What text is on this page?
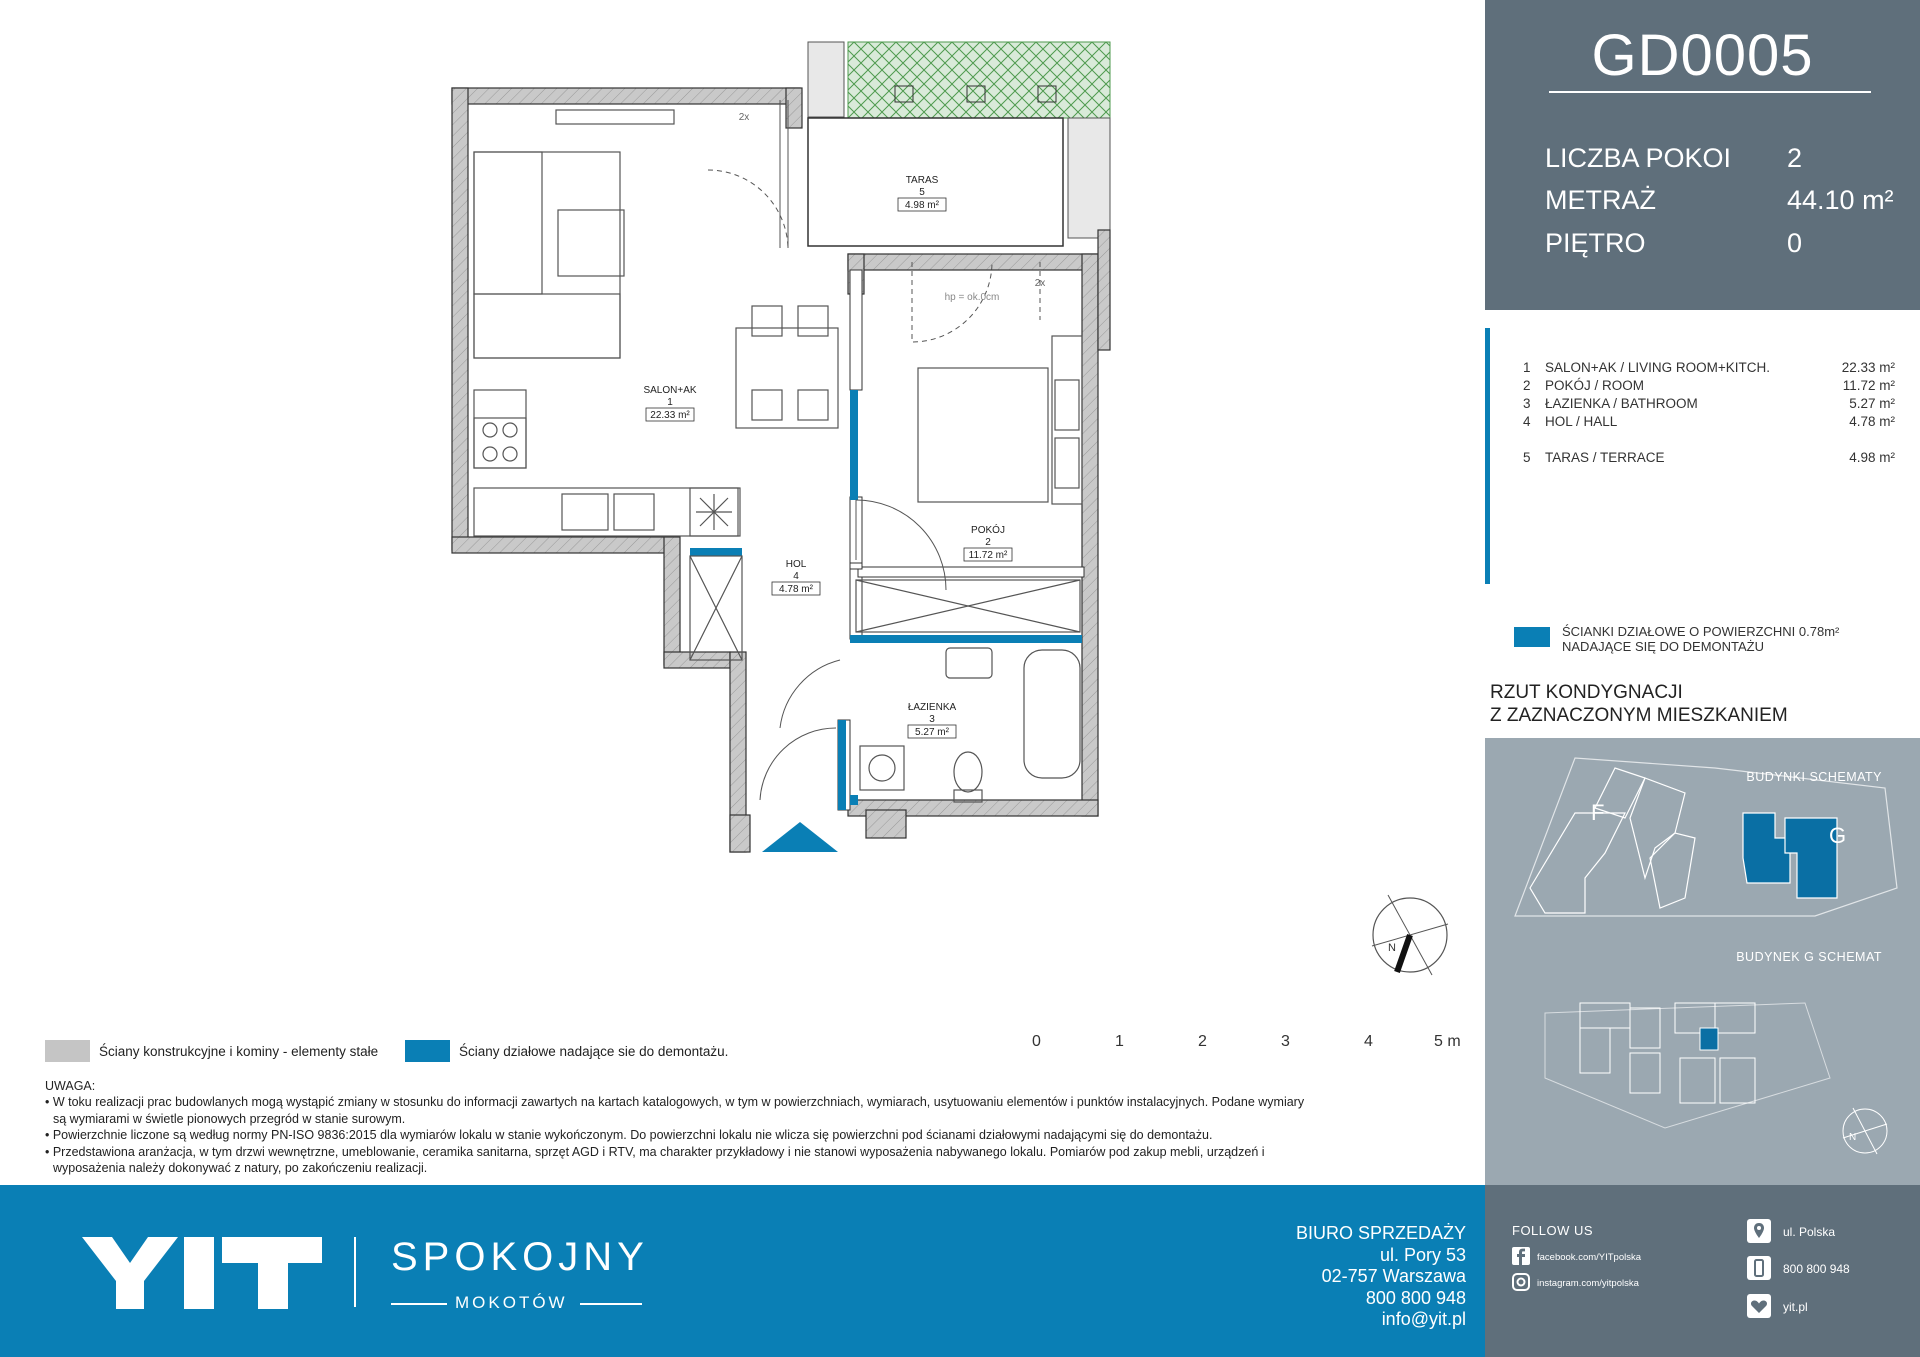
SALON+AK
1
22.33 m²
POKÓJ
2
11.72 m²
ŁAZIENKA
3
5.27 m²
HOL
4
4.78 m²
TARAS
5
4.98 m²
2x
2x
hp = ok.0cm
N
0	1	2	3	4	5 m
Ściany konstrukcyjne i kominy - elementy stałe	Ściany działowe nadające sie do demontażu.

UWAGA:

• W toku realizacji prac budowlanych mogą wystąpić zmiany w stosunku do informacji zawartych na kartach katalogowych, w tym w powierzchniach, wymiarach, usytuowaniu elementów i punktów instalacyjnych. Podane wymiary

są wymiarami w świetle pionowych przegród w stanie surowym.

• Powierzchnie liczone są według normy PN-ISO 9836:2015 dla wymiarów lokalu w stanie wykończonym. Do powierzchni lokalu nie wlicza się powierzchni pod ścianami działowymi nadającymi się do demontażu.

• Przedstawiona aranżacja, w tym drzwi wewnętrzne, umeblowanie, ceramika sanitarna, sprzęt AGD i RTV, ma charakter przykładowy i nie stanowi wyposażenia nabywanego lokalu. Pomiarów pod zakup mebli, urządzeń i

wyposażenia należy dokonywać z natury, po zakończeniu realizacji.

GD0005
LICZBA POKOI 2
METRAŻ	44.10 m²
PIĘTRO	0
1 SALON+AK / LIVING ROOM+KITCH.	22.33 m²
2 POKÓJ / ROOM	11.72 m²
3 ŁAZIENKA / BATHROOM	5.27 m²
4 HOL / HALL	4.78 m²
5 TARAS / TERRACE	4.98 m²
ŚCIANKI DZIAŁOWE O POWIERZCHNI 0.78m² NADAJĄCE SIĘ DO DEMONTAŻU
RZUT KONDYGNACJI
Z ZAZNACZONYM MIESZKANIEM
BUDYNKI SCHEMATY
BUDYNEK G SCHEMAT
F
G
N
SPOKOJNY
MOKOTÓW
BIURO SPRZEDAŻY
ul. Pory 53
02-757 Warszawa
800 800 948
info@yit.pl
FOLLOW US
facebook.com/YITpolska
instagram.com/yitpolska
ul. Polska
800 800 948
yit.pl
